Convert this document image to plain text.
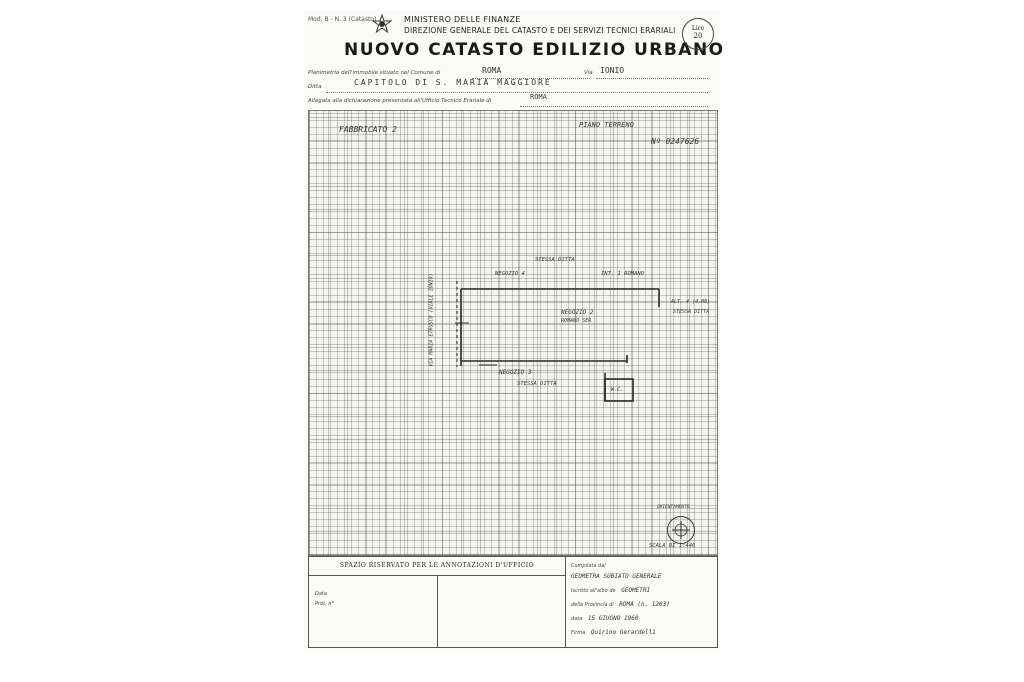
Mod. B - N. 3 (Catasto)	MINISTERO DELLE FINANZE
DIREZIONE GENERALE DEL CATASTO E DEI SERVIZI TECNICI ERARIALI
NUOVO CATASTO EDILIZIO URBANO
Lire
20
Planimetria dell'immobile situato nel Comune di	ROMA	Via IONIO
Ditta	CAPITOLO DI S. MARIA MAGGIORE
Allegata alla dichiarazione presentata all'Ufficio Tecnico Erariale di	ROMA
FABBRICATO 2	PIANO TERRENO
Nº 0247626
STESSA DITTA
NEGOZIO 4	INT. 1 ROMANO
NEGOZIO 2
ROMANO SER
ALT. 4 (4,00)
STESSA DITTA
NEGOZIO 3
STESSA DITTA
W.C.
VIA MARIA ETRUSCO (VIALE IONIO)
ORIENTAMENTO
SCALA DI 1:440
SPAZIO RISERVATO PER LE ANNOTAZIONI D'UFFICIO
Data
Prot. n°
Compilata dal
GEOMETRA SUBIATO GENERALE
Iscritto all'albo de GEOMETRI
della Provincia di ROMA (n. 1203)
data 15 GIUGNO 1960
Firma Quirino Gerardelli
